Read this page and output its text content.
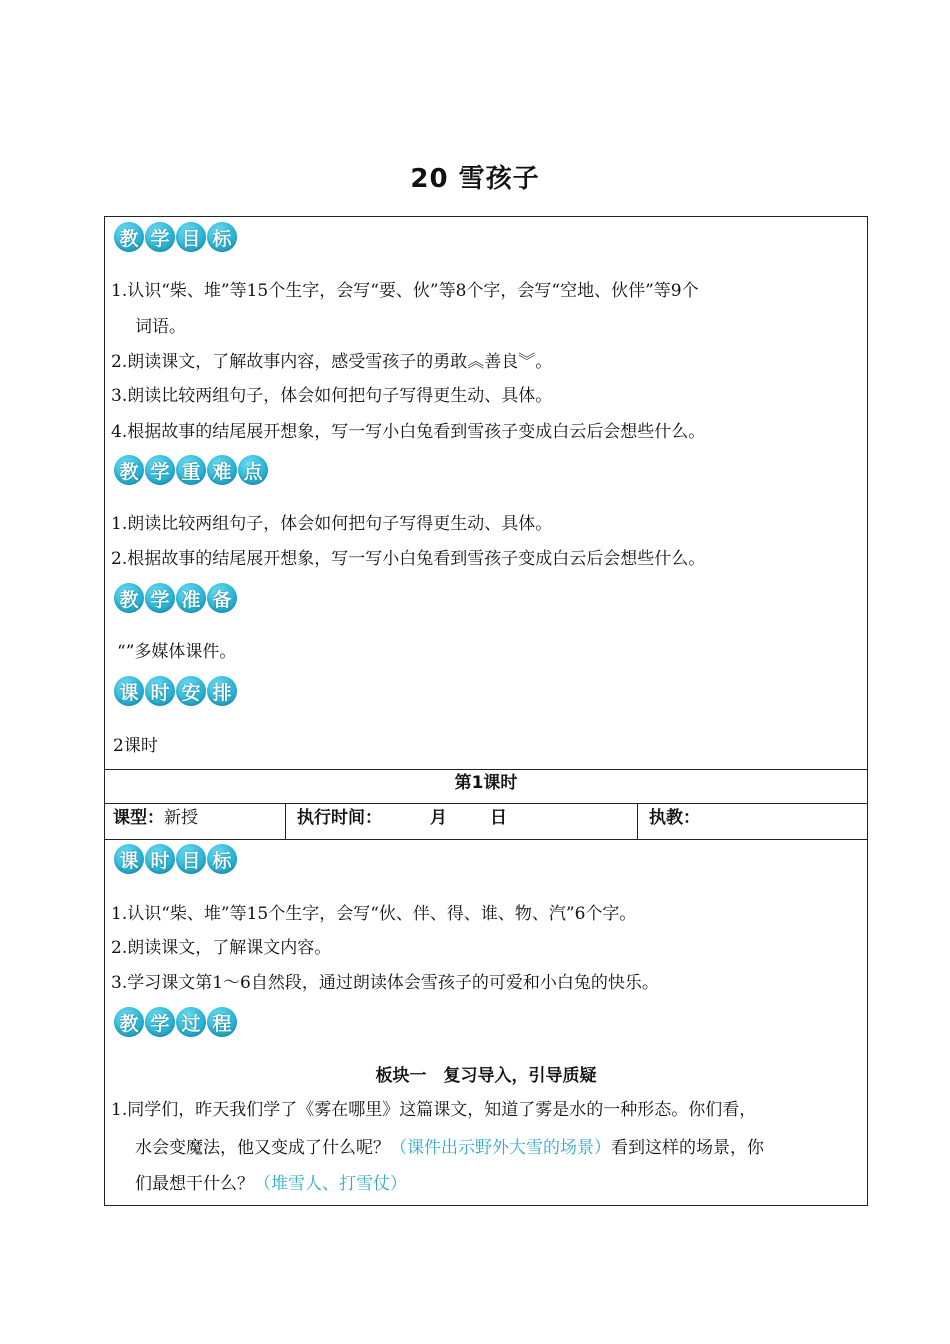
20 雪孩子
教 学 目 标
1.认识“柴、堆”等15个生字，会写“要、伙”等8个字，会写“空地、伙伴”等9个
词语。
2.朗读课文，了解故事内容，感受雪孩子的勇敢︽善良︾。
3.朗读比较两组句子，体会如何把句子写得更生动、具体。
4.根据故事的结尾展开想象，写一写小白兔看到雪孩子变成白云后会想些什么。
教 学 重 难 点
1.朗读比较两组句子，体会如何把句子写得更生动、具体。
2.根据故事的结尾展开想象，写一写小白兔看到雪孩子变成白云后会想些什么。
教 学 准 备
“”多媒体课件。
课 时 安 排
2课时
第1课时
课型：新授	执行时间：	月	日	执教：
课 时 目 标
1.认识“柴、堆”等15个生字，会写“伙、伴、得、谁、物、汽”6个字。
2.朗读课文，了解课文内容。
3.学习课文第1～6自然段，通过朗读体会雪孩子的可爱和小白兔的快乐。
教 学 过 程
板块一　复习导入，引导质疑
1.同学们，昨天我们学了《雾在哪里》这篇课文，知道了雾是水的一种形态。你们看，
水会变魔法，他又变成了什么呢？（课件出示野外大雪的场景）看到这样的场景，你
们最想干什么？（堆雪人、打雪仗）
